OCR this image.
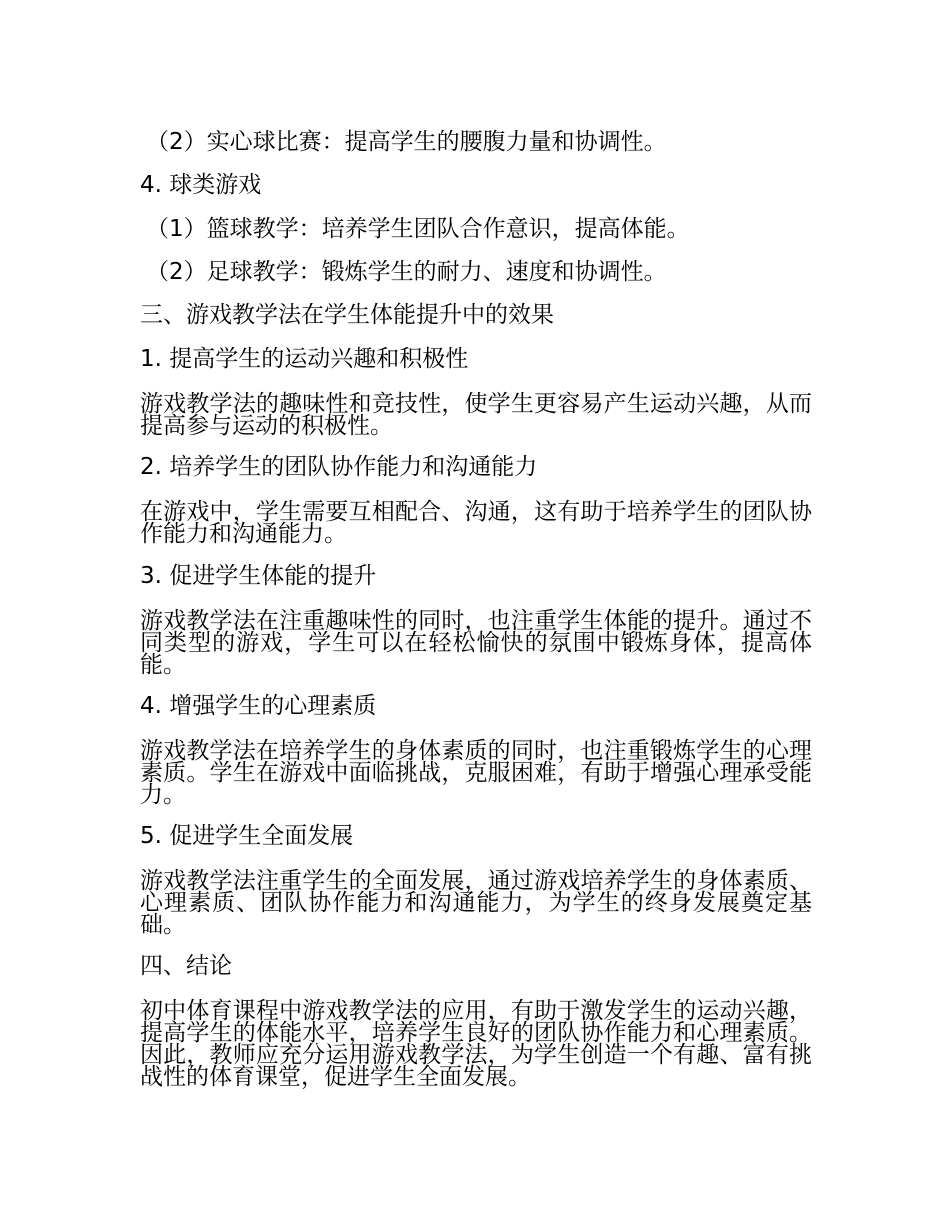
（2）实心球比赛：提高学生的腰腹力量和协调性。
4. 球类游戏
（1）篮球教学：培养学生团队合作意识，提高体能。
（2）足球教学：锻炼学生的耐力、速度和协调性。
三、游戏教学法在学生体能提升中的效果
1. 提高学生的运动兴趣和积极性
游戏教学法的趣味性和竞技性，使学生更容易产生运动兴趣，从而提高参与运动的积极性。
2. 培养学生的团队协作能力和沟通能力
在游戏中，学生需要互相配合、沟通，这有助于培养学生的团队协作能力和沟通能力。
3. 促进学生体能的提升
游戏教学法在注重趣味性的同时，也注重学生体能的提升。通过不同类型的游戏，学生可以在轻松愉快的氛围中锻炼身体，提高体能。
4. 增强学生的心理素质
游戏教学法在培养学生的身体素质的同时，也注重锻炼学生的心理素质。学生在游戏中面临挑战，克服困难，有助于增强心理承受能力。
5. 促进学生全面发展
游戏教学法注重学生的全面发展，通过游戏培养学生的身体素质、心理素质、团队协作能力和沟通能力，为学生的终身发展奠定基础。
四、结论
初中体育课程中游戏教学法的应用，有助于激发学生的运动兴趣，提高学生的体能水平，培养学生良好的团队协作能力和心理素质。因此，教师应充分运用游戏教学法，为学生创造一个有趣、富有挑战性的体育课堂，促进学生全面发展。
